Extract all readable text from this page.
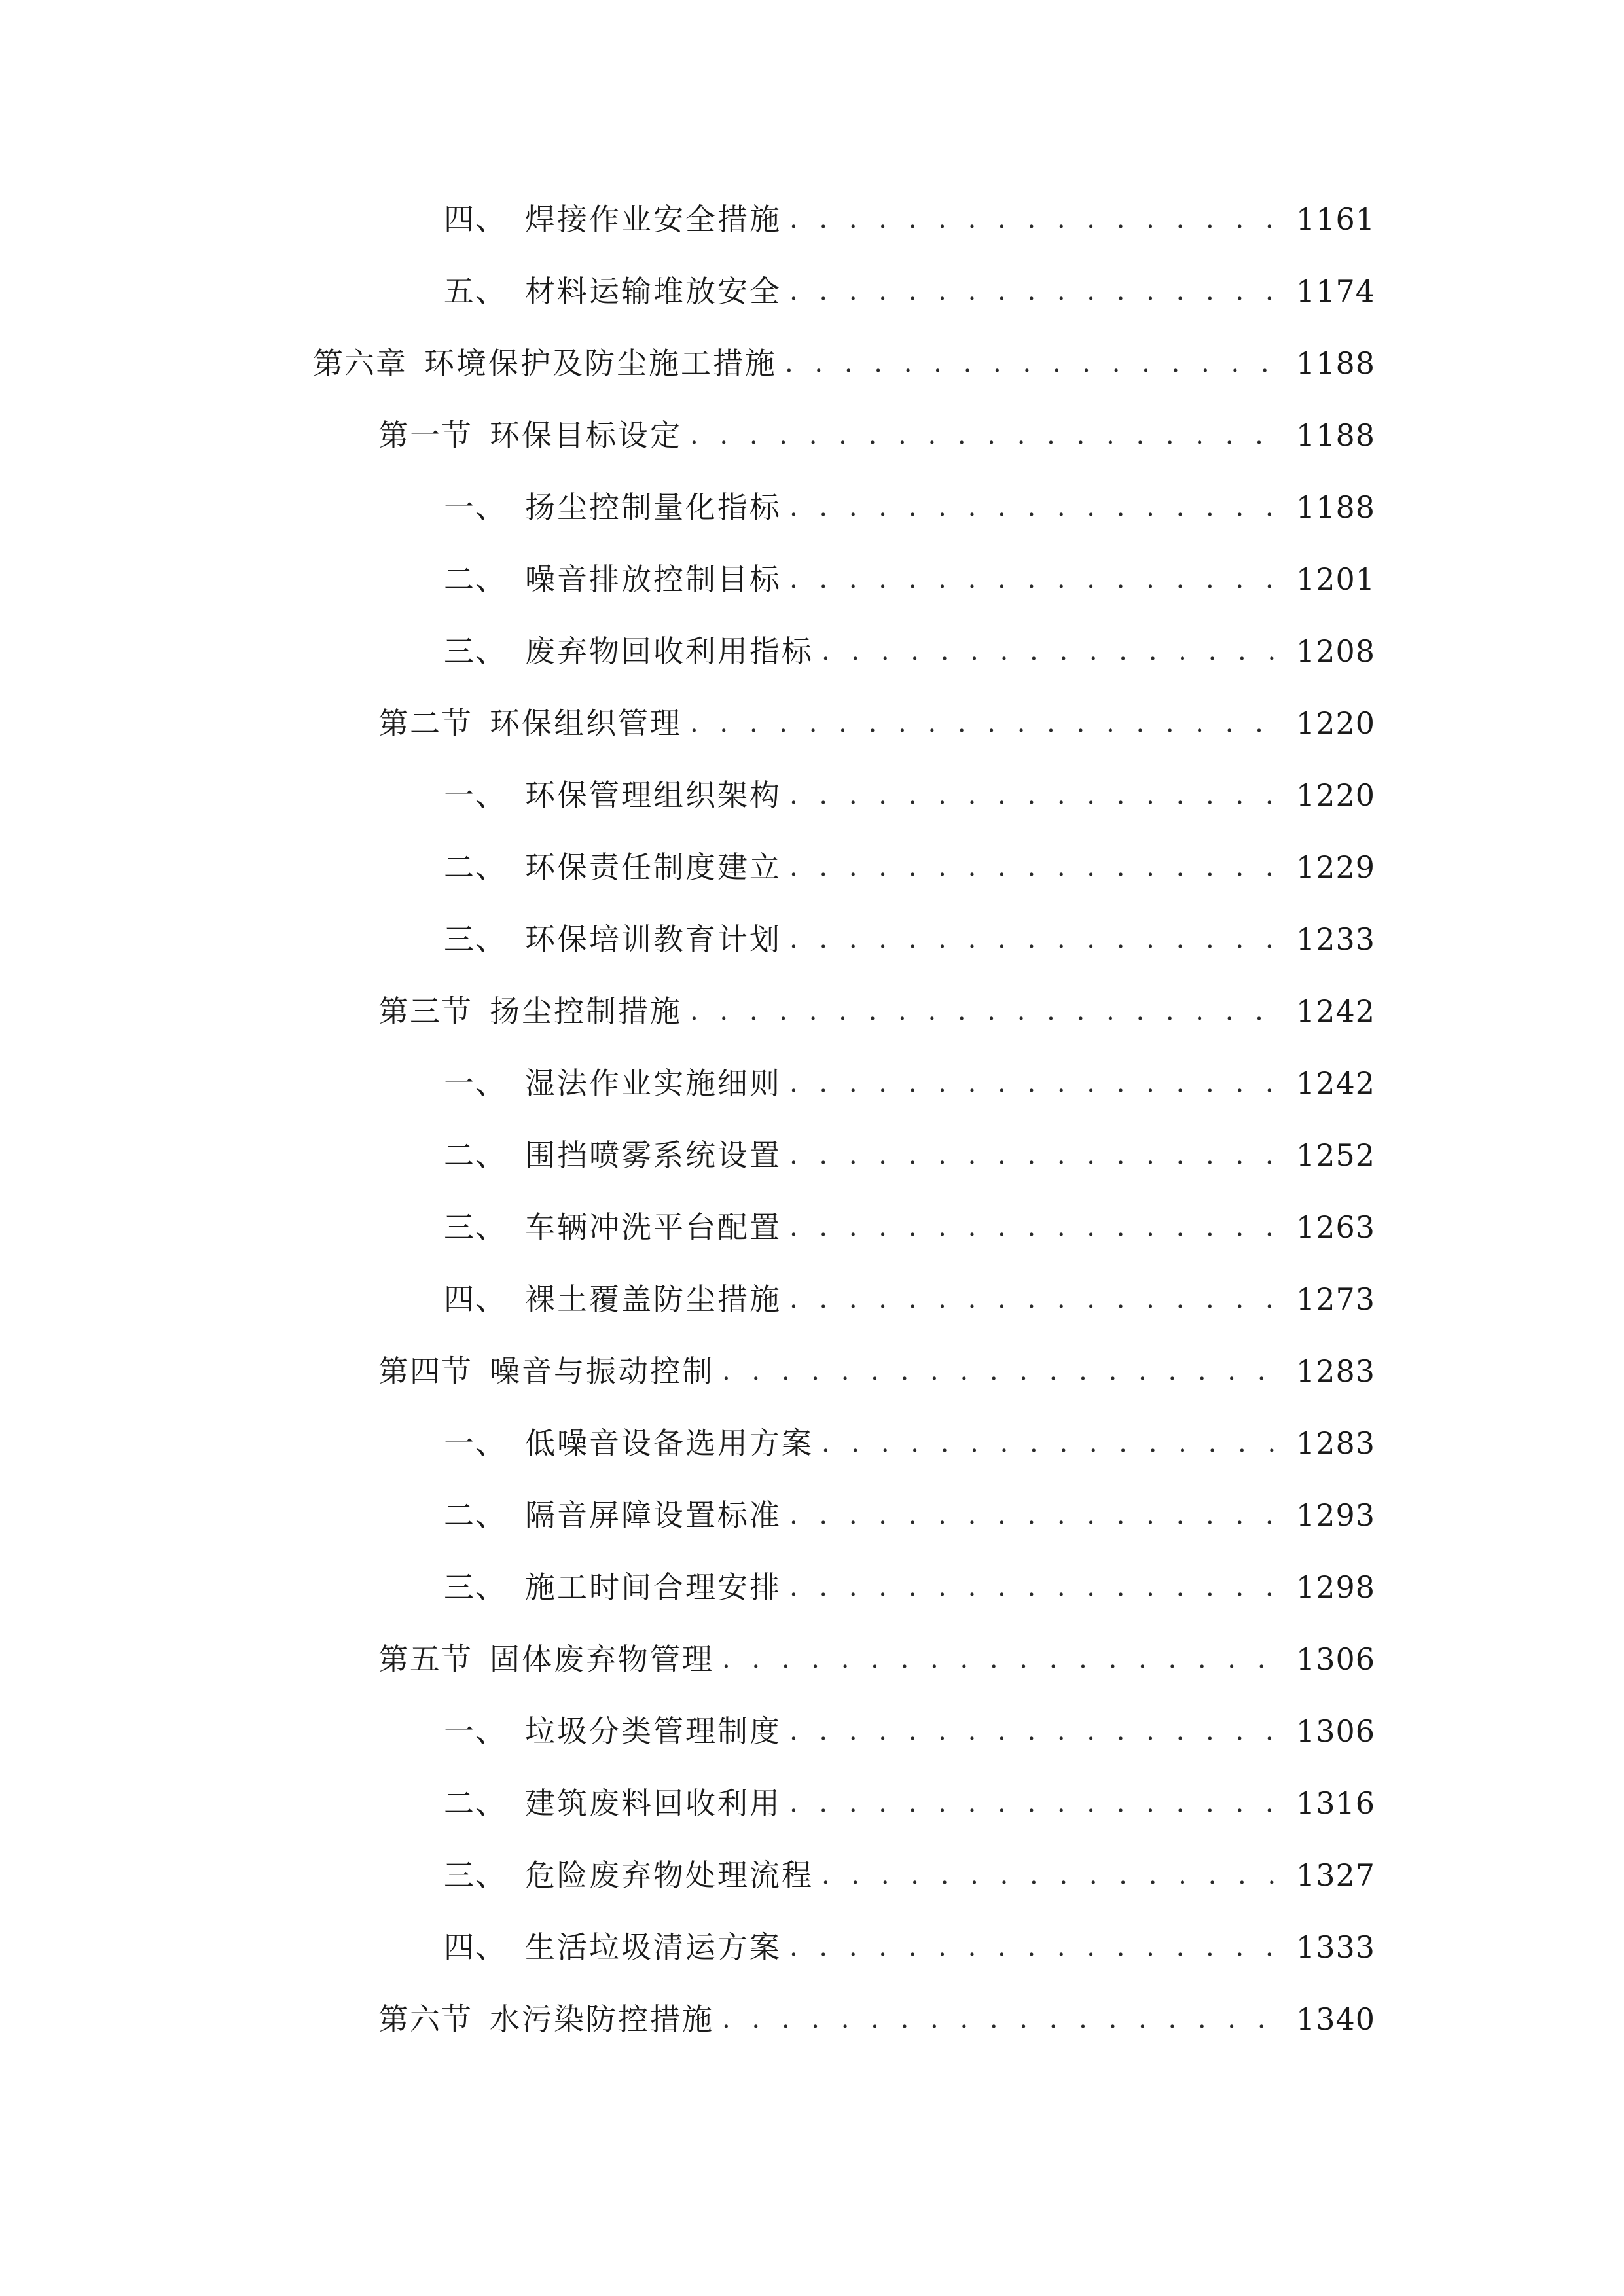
四、 焊接作业安全措施 . . .	1161
五、 材料运输堆放安全 . . .	1174
第六章 环境保护及防尘施工措施 . . .	1188
第一节 环保目标设定 . . .	1188
一、 扬尘控制量化指标 . . .	1188
二、 噪音排放控制目标 . . .	1201
三、 废弃物回收利用指标 . . .	1208
第二节 环保组织管理 . . .	1220
一、 环保管理组织架构 . . .	1220
二、 环保责任制度建立 . . .	1229
三、 环保培训教育计划 . . .	1233
第三节 扬尘控制措施 . . .	1242
一、 湿法作业实施细则 . . .	1242
二、 围挡喷雾系统设置 . . .	1252
三、 车辆冲洗平台配置 . . .	1263
四、 裸土覆盖防尘措施 . . .	1273
第四节 噪音与振动控制 . . .	1283
一、 低噪音设备选用方案 . . .	1283
二、 隔音屏障设置标准 . . .	1293
三、 施工时间合理安排 . . .	1298
第五节 固体废弃物管理 . . .	1306
一、 垃圾分类管理制度 . . .	1306
二、 建筑废料回收利用 . . .	1316
三、 危险废弃物处理流程 . . .	1327
四、 生活垃圾清运方案 . . .	1333
第六节 水污染防控措施 . . .	1340
